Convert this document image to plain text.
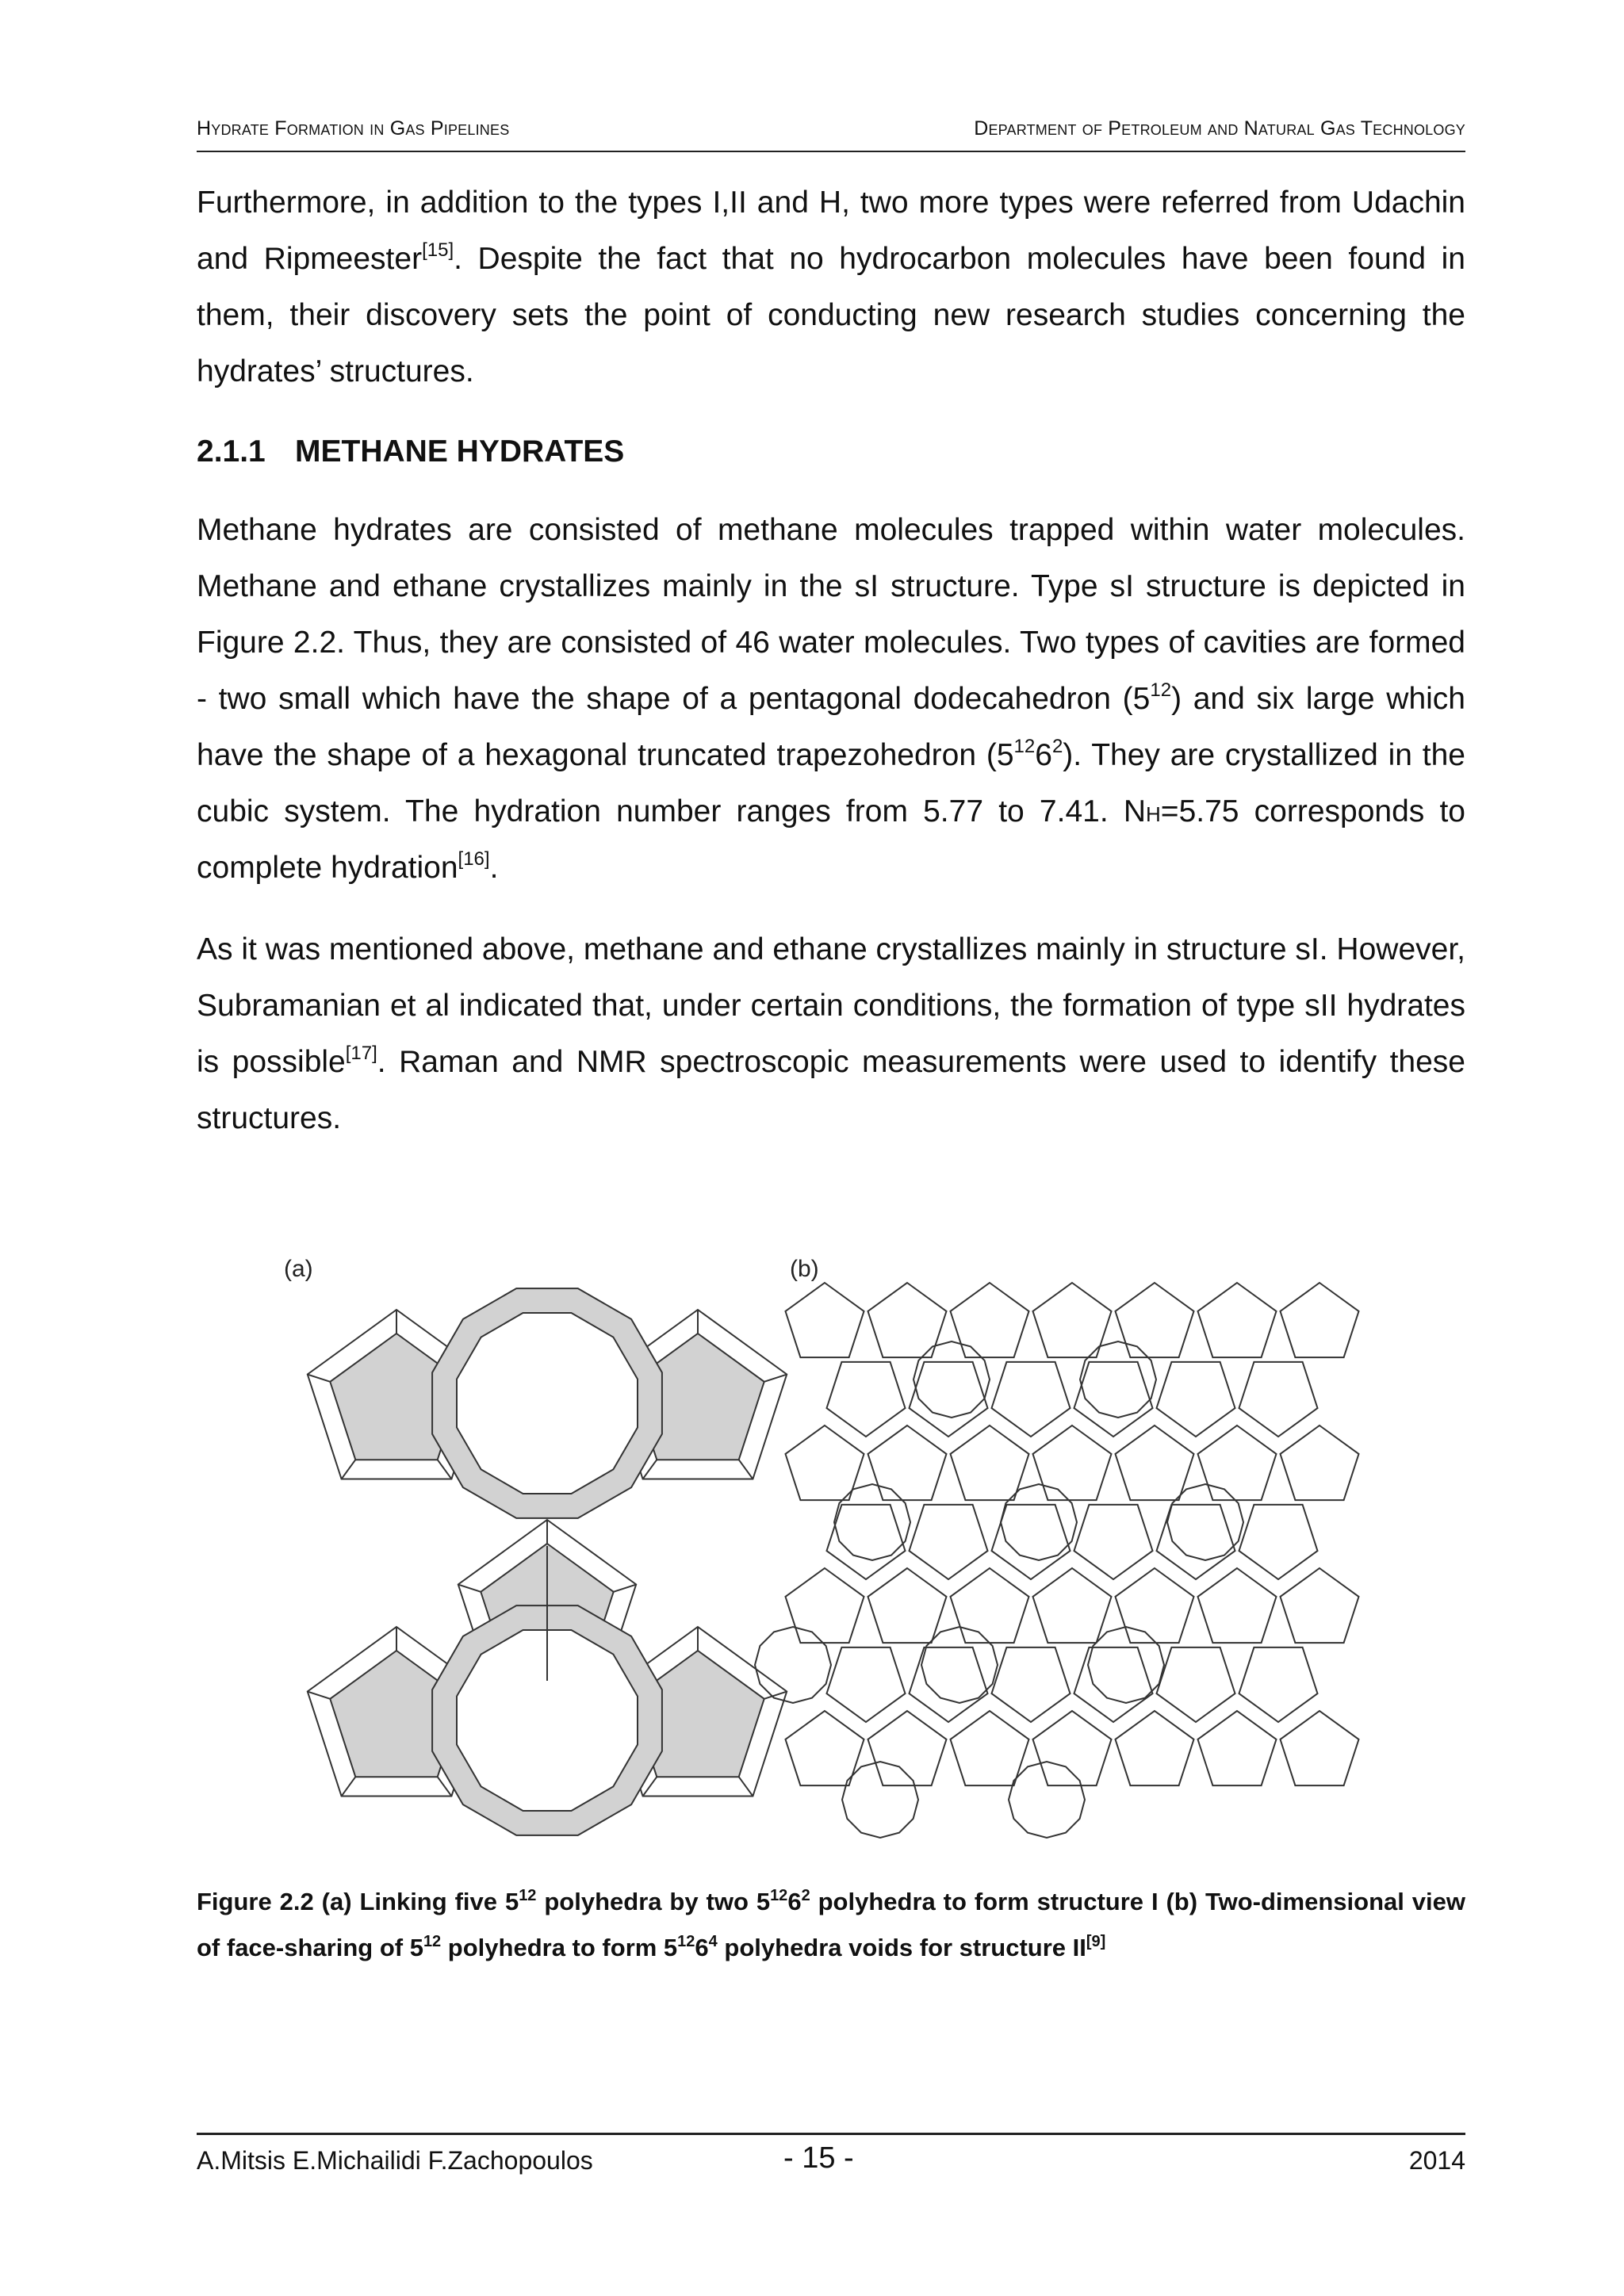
Hydrate Formation in Gas Pipelines	Department of Petroleum and Natural Gas Technology
Furthermore, in addition to the types I,II and H, two more types were referred from Udachin and Ripmeester[15]. Despite the fact that no hydrocarbon molecules have been found in them, their discovery sets the point of conducting new research studies concerning the hydrates’ structures.
2.1.1 METHANE HYDRATES
Methane hydrates are consisted of methane molecules trapped within water molecules. Methane and ethane crystallizes mainly in the sI structure. Type sI structure is depicted in Figure 2.2. Thus, they are consisted of 46 water molecules. Two types of cavities are formed - two small which have the shape of a pentagonal dodecahedron $(5^{12})$ and six large which have the shape of a hexagonal truncated trapezohedron $(5^{12}6^2)$. They are crystallized in the cubic system. The hydration number ranges from 5.77 to 7.41. NH=5.75 corresponds to complete hydration[16].
As it was mentioned above, methane and ethane crystallizes mainly in structure sI. However, Subramanian et al indicated that, under certain conditions, the formation of type sII hydrates is possible[17]. Raman and NMR spectroscopic measurements were used to identify these structures.
(a)	(b)
Figure 2.2 (a) Linking five $5^{12}$ polyhedra by two $5^{12}6^2$ polyhedra to form structure I (b) Two-dimensional view of face-sharing of $5^{12}$ polyhedra to form $5^{12}6^4$ polyhedra voids for structure II[9]
A.Mitsis E.Michailidi F.Zachopoulos	- 15 -	2014
